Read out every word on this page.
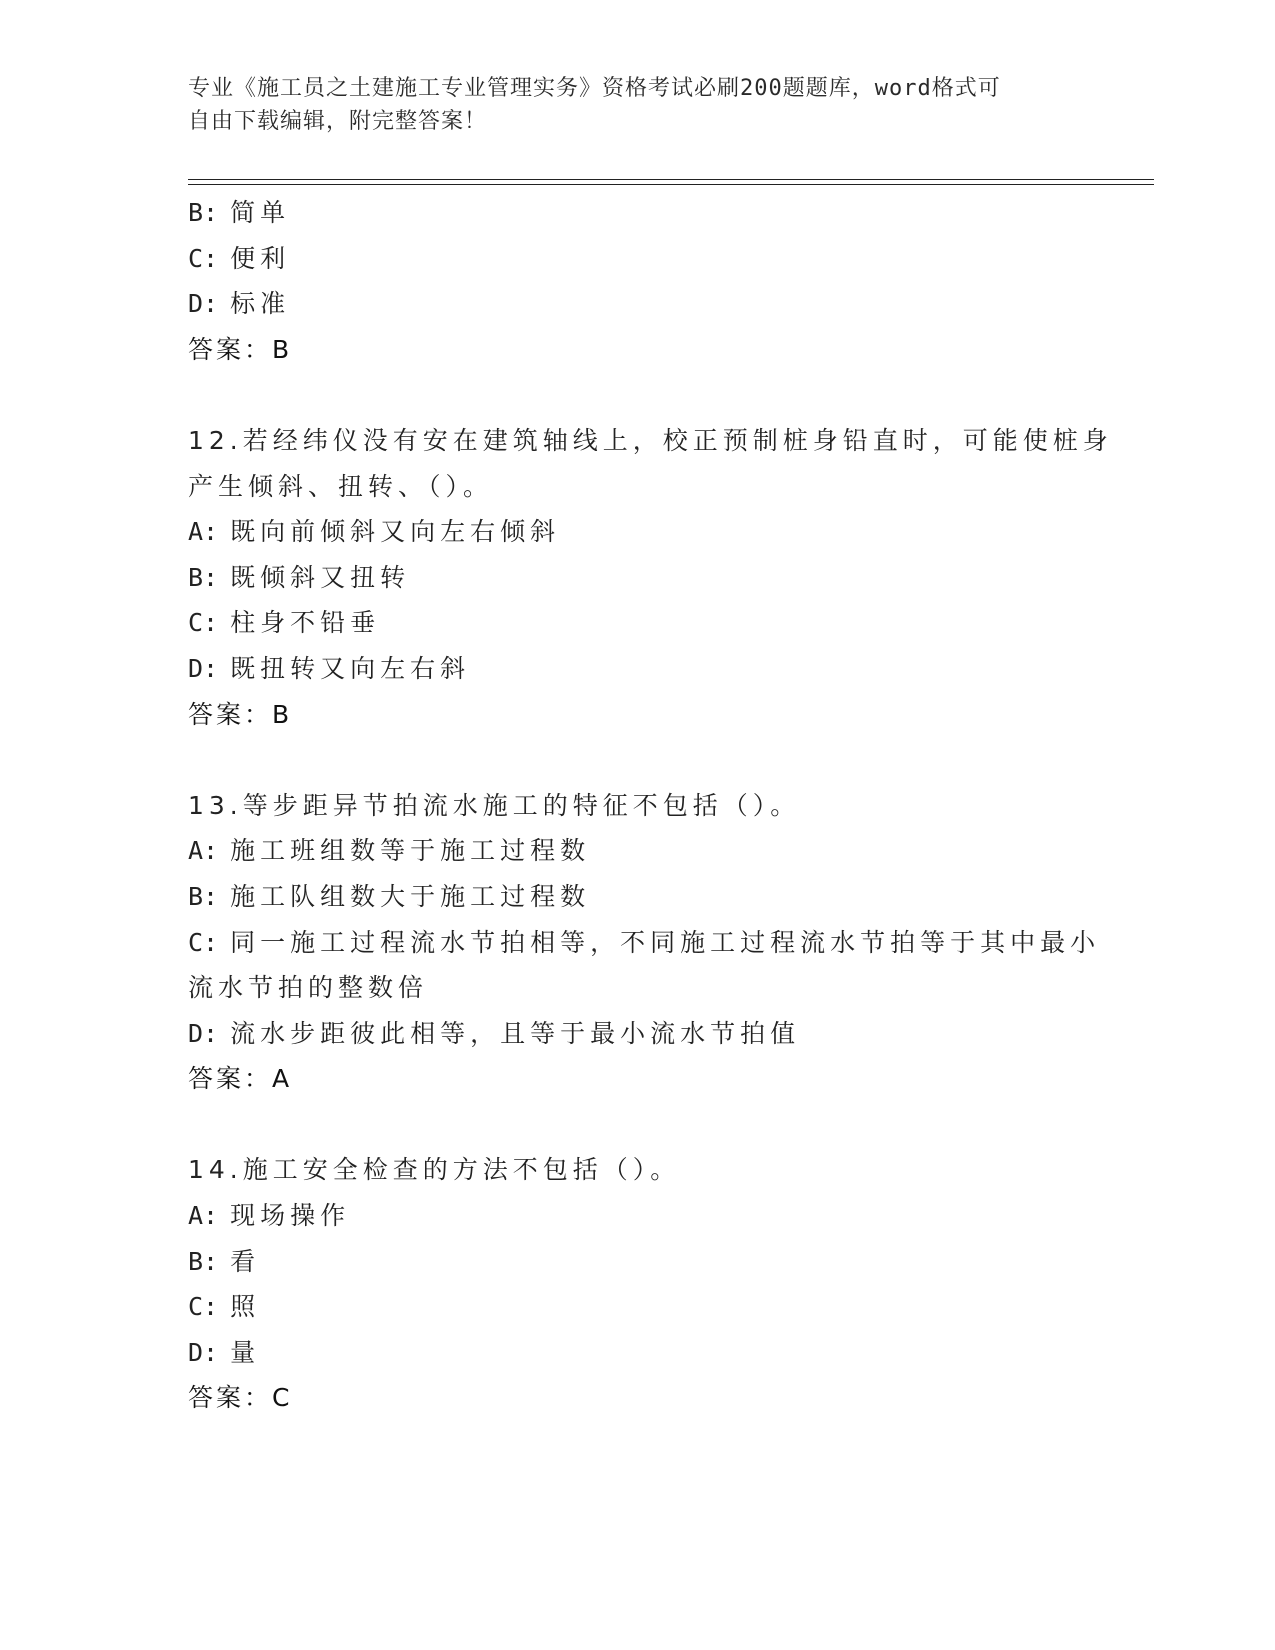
专业《施工员之土建施工专业管理实务》资格考试必刷200题题库，word格式可
自由下载编辑，附完整答案！

B: 简单

C: 便利

D: 标准

答案：B

12.若经纬仪没有安在建筑轴线上，校正预制桩身铅直时，可能使桩身

产生倾斜、扭转、（）。

A: 既向前倾斜又向左右倾斜

B: 既倾斜又扭转

C: 柱身不铅垂

D: 既扭转又向左右斜

答案：B

13.等步距异节拍流水施工的特征不包括（）。

A: 施工班组数等于施工过程数

B: 施工队组数大于施工过程数

C: 同一施工过程流水节拍相等，不同施工过程流水节拍等于其中最小

流水节拍的整数倍

D: 流水步距彼此相等，且等于最小流水节拍值

答案：A

14.施工安全检查的方法不包括（）。

A: 现场操作

B: 看

C: 照

D: 量

答案：C
